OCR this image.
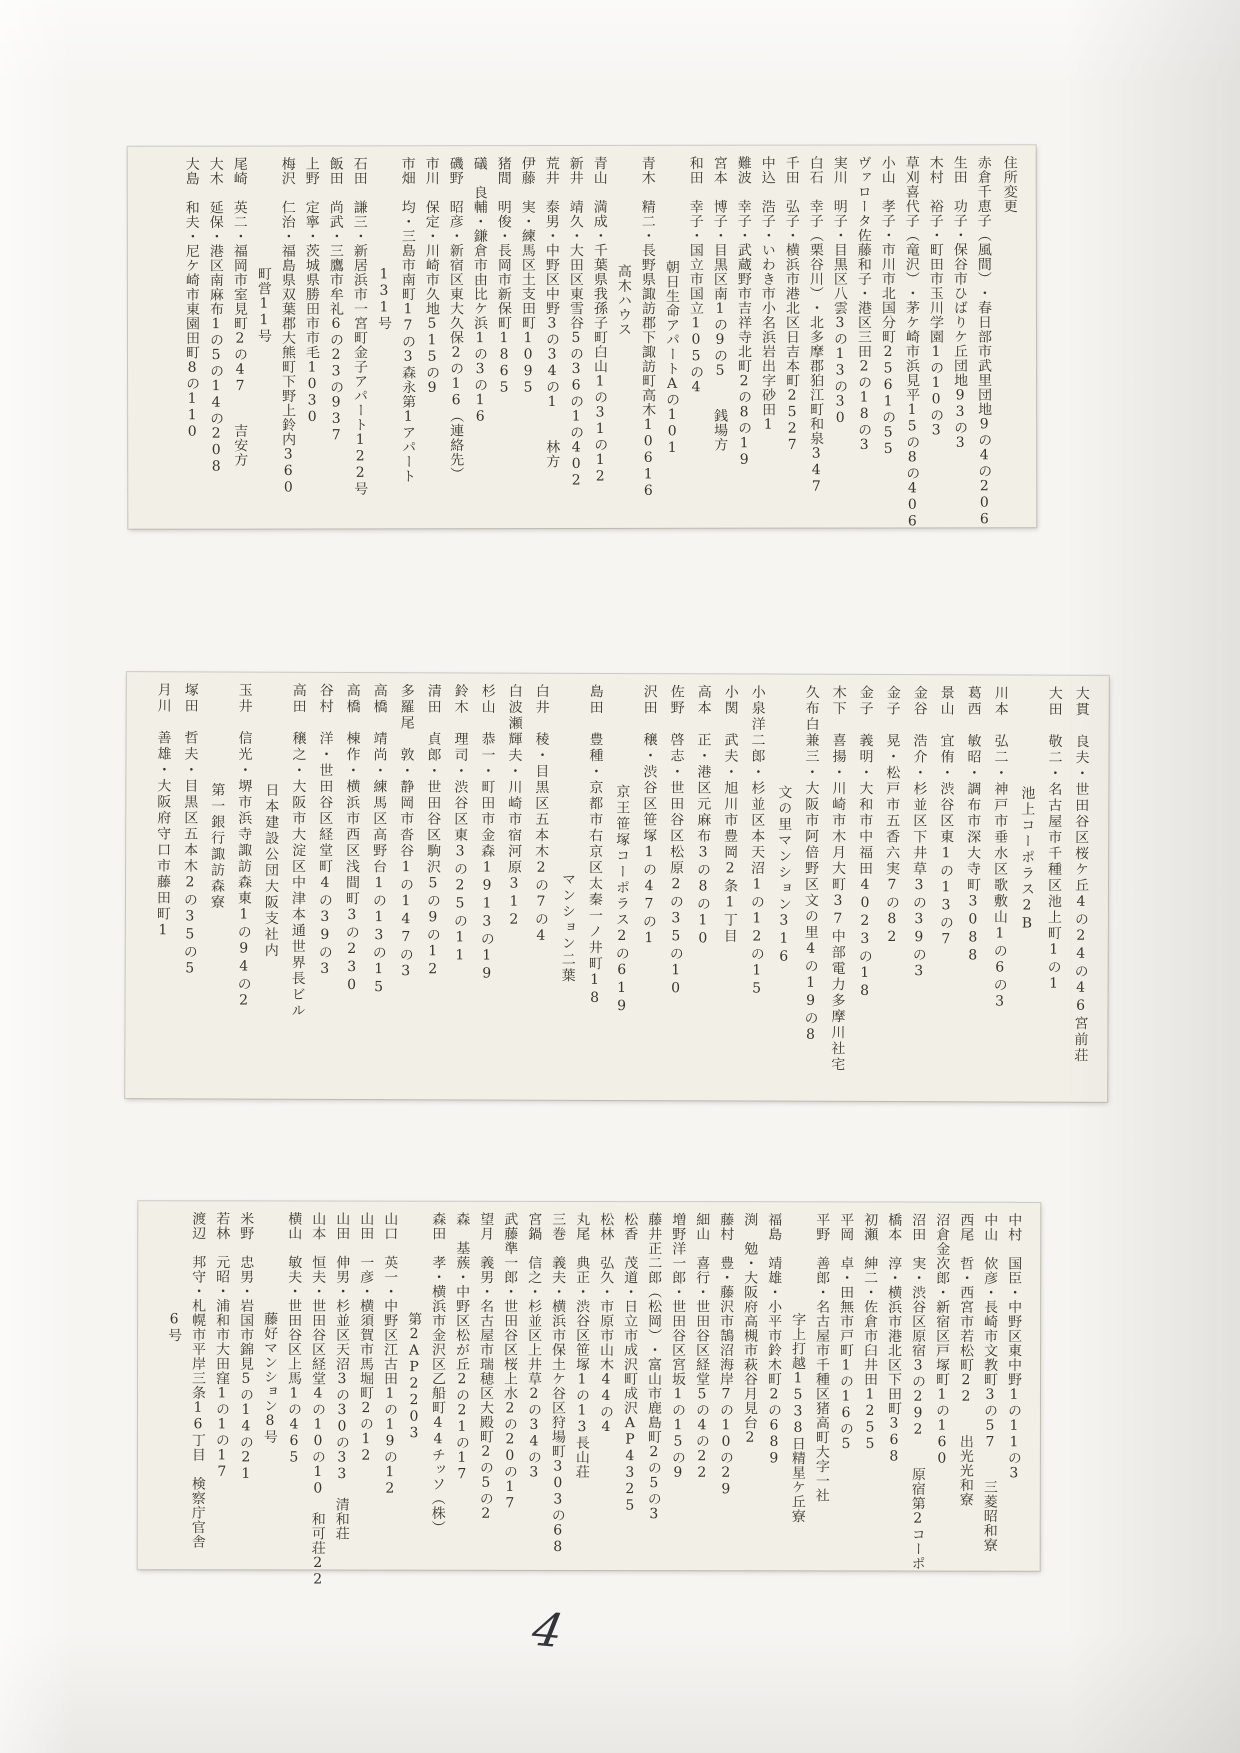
住所変更
赤倉千恵子︵風間︶・春日部市武里団地9の4の206
生田　功子・保谷市ひばりケ丘団地93の3
木村　裕子・町田市玉川学園1の10の3
草刈喜代子︵竜沢︶・茅ケ崎市浜見平15の8の406
小山　孝子・市川市北国分町2561の55
ヴァロータ佐藤和子・港区三田2の18の3
実川　明子・目黒区八雲3の13の30
白石　幸子︵栗谷川︶・北多摩郡狛江町和泉347
千田　弘子・横浜市港北区日吉本町2527
中込　浩子・いわき市小名浜岩出字砂田1
難波　幸子・武蔵野市吉祥寺北町2の8の19
宮本　博子・目黒区南1の9の5　　銭場方
和田　幸子・国立市国立105の4
朝日生命アパートAの101
青木　精二・長野県諏訪郡下諏訪町高木10616
高木ハウス
青山　満成・千葉県我孫子町白山1の31の12
新井　靖久・大田区東雪谷5の36の1の402
荒井　泰男・中野区中野3の34の1　　林方
伊藤　実・練馬区土支田町1095
猪間　明俊・長岡市新保町1865
礒　良輔・鎌倉市由比ケ浜1の3の16
磯野　昭彦・新宿区東大久保2の16︵連絡先︶
市川　保定・川崎市久地515の9
市畑　均・三島市南町17の3森永第1アパート
131号
石田　謙三・新居浜市一宮町金子アパート122号
飯田　尚武・三鷹市牟礼6の23の937
上野　定寧・茨城県勝田市市毛1030
梅沢　仁治・福島県双葉郡大熊町下野上鈴内360
町営11号
尾崎　英二・福岡市室見町2の47　　吉安方
大木　延保・港区南麻布1の5の14の208
大島　和夫・尼ケ崎市東園田町8の110
大貫　良夫・世田谷区桜ケ丘4の24の46宮前荘
大田　敬二・名古屋市千種区池上町1の1
池上コーポラス2B
川本　弘二・神戸市垂水区歌敷山1の6の3
葛西　敏昭・調布市深大寺町3088
景山　宜侑・渋谷区東1の13の7
金谷　浩介・杉並区下井草3の39の3
金子　晃・松戸市五香六実7の82
金子　義明・大和市中福田4023の18
木下　喜揚・川崎市木月大町37中部電力多摩川社宅
久布白兼三・大阪市阿倍野区文の里4の19の8
文の里マンション316
小泉洋二郎・杉並区本天沼1の12の15
小関　武夫・旭川市豊岡2条1丁目
高本　正・港区元麻布3の8の10
佐野　啓志・世田谷区松原2の35の10
沢田　穣・渋谷区笹塚1の47の1
京王笹塚コーポラス2の619
島田　豊種・京都市右京区太秦一ノ井町18
マンション二葉
白井　稜・目黒区五本木2の7の4
白波瀬輝夫・川崎市宿河原312
杉山　恭一・町田市金森1913の19
鈴木　理司・渋谷区東3の25の11
清田　貞郎・世田谷区駒沢5の9の12
多羅尾　敦・静岡市沓谷1の147の3
高橋　靖尚・練馬区高野台1の13の15
高橋　棟作・横浜市西区浅間町3の230
谷村　洋・世田谷区経堂町4の39の3
高田　穣之・大阪市大淀区中津本通世界長ビル
日本建設公団大阪支社内
玉井　信光・堺市浜寺諏訪森東1の94の2
第一銀行諏訪森寮
塚田　哲夫・目黒区五本木2の35の5
月川　善雄・大阪府守口市藤田町1
中村　国臣・中野区東中野1の11の3
中山　佽彦・長崎市文教町3の57　　三菱昭和寮
西尾　哲・西宮市若松町22　　出光光和寮
沼倉金次郎・新宿区戸塚町1の160
沼田　実・渋谷区原宿3の292　　原宿第2コーポ
橋本　淳・横浜市港北区下田町368
初瀬　紳二・佐倉市臼井田1255
平岡　卓・田無市戸町1の16の5
平野　善郎・名古屋市千種区猪高町大字一社
字上打越1538日精星ケ丘寮
福島　靖雄・小平市鈴木町2の689
渕　勉・大阪府高槻市萩谷月見台2
藤村　豊・藤沢市鵠沼海岸7の10の29
細山　喜行・世田谷区経堂5の4の22
増野洋一郎・世田谷区宮坂1の15の9
藤井正二郎︵松岡︶・富山市鹿島町2の5の3
松香　茂道・日立市成沢町成沢AP4325
松林　弘久・市原市山木44の4
丸尾　典正・渋谷区笹塚1の13長山荘
三巻　義夫・横浜市保土ケ谷区狩場町303の68
宮鍋　信之・杉並区上井草2の34の3
武藤準一郎・世田谷区桜上水2の20の17
望月　義男・名古屋市瑞穂区大殿町2の5の2
森　基蔟・中野区松が丘2の21の17
森田　孝・横浜市金沢区乙船町44チッソ︵株︶
第2AP2203
山口　英一・中野区江古田1の19の12
山田　一彦・横須賀市馬堀町2の12
山田　伸男・杉並区天沼3の30の33　清和荘
山本　恒夫・世田谷区経堂4の10の10　和可荘22
横山　敏夫・世田谷区上馬1の465
藤好マンション8号
米野　忠男・岩国市錦見5の14の21
若林　元昭・浦和市大田窪1の1の17
渡辺　邦守・札幌市平岸三条16丁目　検察庁官舎
6号
4
